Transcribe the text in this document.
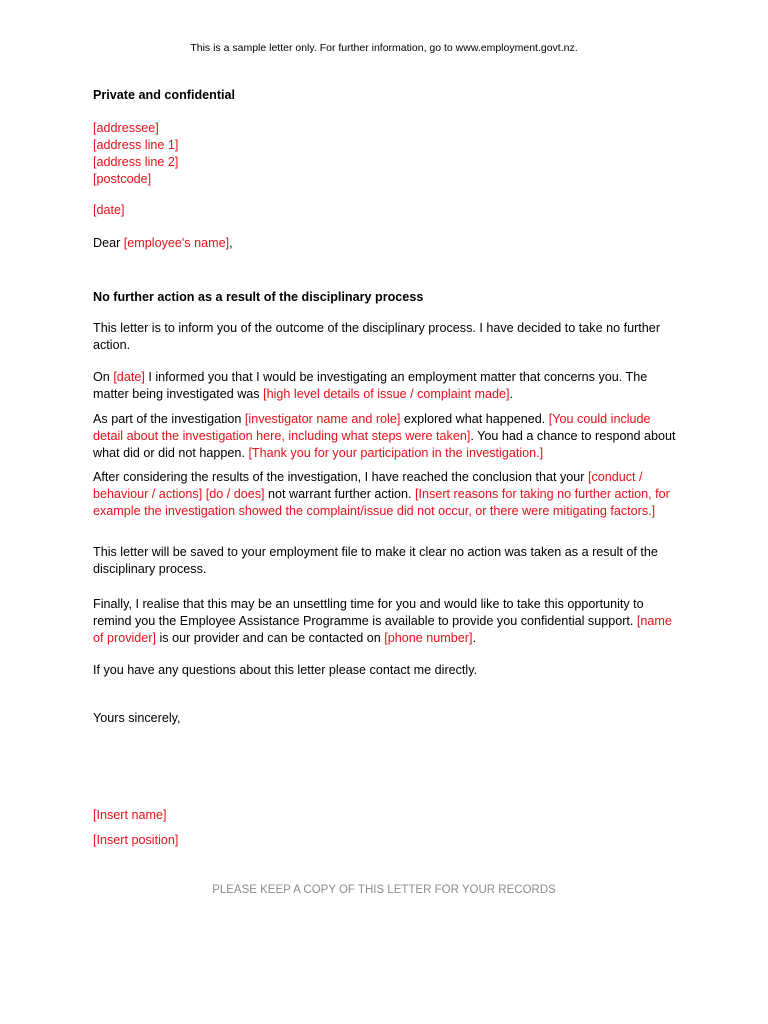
This is a sample letter only. For further information, go to www.employment.govt.nz.
Private and confidential
[addressee]
[address line 1]
[address line 2]
[postcode]
[date]
Dear [employee's name],
No further action as a result of the disciplinary process
This letter is to inform you of the outcome of the disciplinary process. I have decided to take no further action.
On [date] I informed you that I would be investigating an employment matter that concerns you. The matter being investigated was [high level details of issue / complaint made].
As part of the investigation [investigator name and role] explored what happened. [You could include detail about the investigation here, including what steps were taken]. You had a chance to respond about what did or did not happen. [Thank you for your participation in the investigation.]
After considering the results of the investigation, I have reached the conclusion that your [conduct / behaviour / actions] [do / does] not warrant further action. [Insert reasons for taking no further action, for example the investigation showed the complaint/issue did not occur, or there were mitigating factors.]
This letter will be saved to your employment file to make it clear no action was taken as a result of the disciplinary process.
Finally, I realise that this may be an unsettling time for you and would like to take this opportunity to remind you the Employee Assistance Programme is available to provide you confidential support. [name of provider] is our provider and can be contacted on [phone number].
If you have any questions about this letter please contact me directly.
Yours sincerely,
[Insert name]
[Insert position]
PLEASE KEEP A COPY OF THIS LETTER FOR YOUR RECORDS
